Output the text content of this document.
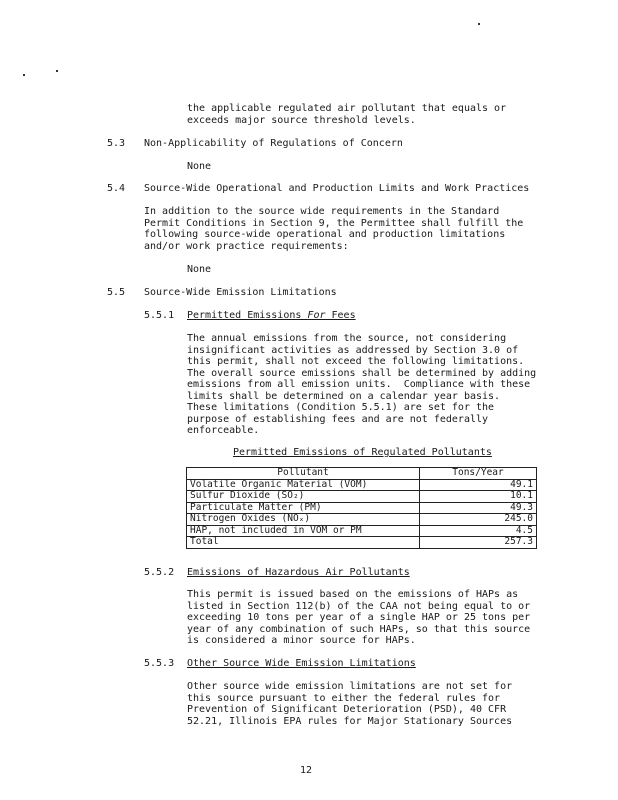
the applicable regulated air pollutant that equals or
exceeds major source threshold levels.
5.3 Non-Applicability of Regulations of Concern
None
5.4 Source-Wide Operational and Production Limits and Work Practices
In addition to the source wide requirements in the Standard
Permit Conditions in Section 9, the Permittee shall fulfill the
following source-wide operational and production limitations
and/or work practice requirements:
None
5.5 Source-Wide Emission Limitations
5.5.1 Permitted Emissions For Fees
The annual emissions from the source, not considering
insignificant activities as addressed by Section 3.0 of
this permit, shall not exceed the following limitations.
The overall source emissions shall be determined by adding
emissions from all emission units.  Compliance with these
limits shall be determined on a calendar year basis.
These limitations (Condition 5.5.1) are set for the
purpose of establishing fees and are not federally
enforceable.
Permitted Emissions of Regulated Pollutants
Pollutant	Tons/Year
Volatile Organic Material (VOM)	49.1
Sulfur Dioxide (SO₂)	10.1
Particulate Matter (PM)	49.3
Nitrogen Oxides (NOₓ)	245.0
HAP, not included in VOM or PM	4.5
Total	257.3
5.5.2 Emissions of Hazardous Air Pollutants
This permit is issued based on the emissions of HAPs as
listed in Section 112(b) of the CAA not being equal to or
exceeding 10 tons per year of a single HAP or 25 tons per
year of any combination of such HAPs, so that this source
is considered a minor source for HAPs.
5.5.3 Other Source Wide Emission Limitations
Other source wide emission limitations are not set for
this source pursuant to either the federal rules for
Prevention of Significant Deterioration (PSD), 40 CFR
52.21, Illinois EPA rules for Major Stationary Sources
12
